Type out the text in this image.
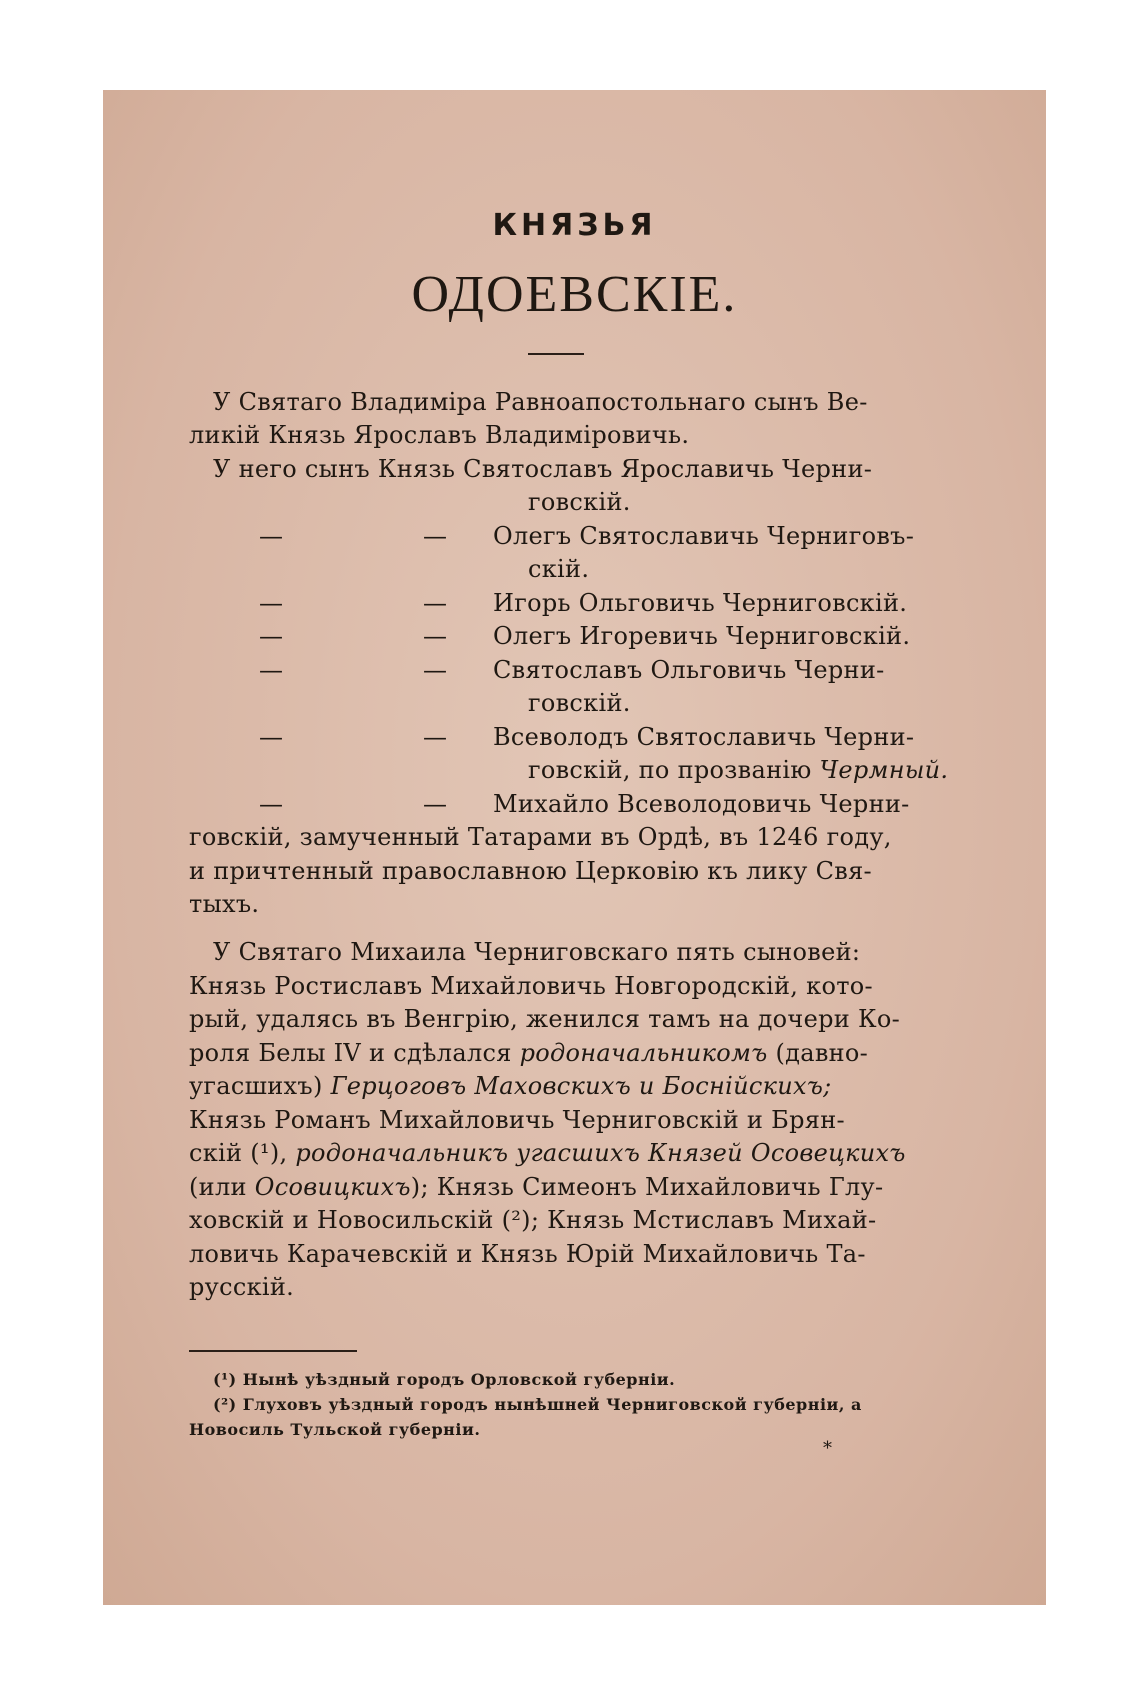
КНЯЗЬЯ
ОДОЕВСКІЕ.
У Святаго Владиміра Равноапостольнаго сынъ Ве-
ликій Князь Ярославъ Владиміровичь.
У него сынъ Князь Святославъ Ярославичь Черни-
говскій.
—	— Олегъ Святославичь Черниговъ-
скій.
—	— Игорь Ольговичь Черниговскій.
—	— Олегъ Игоревичь Черниговскій.
—	— Святославъ Ольговичь Черни-
говскій.
—	— Всеволодъ Святославичь Черни-
говскій, по прозванію Чермный.
—	— Михайло Всеволодовичь Черни-
говскій, замученный Татарами въ Ордѣ, въ 1246 году,
и причтенный православною Церковію къ лику Свя-
тыхъ.
У Святаго Михаила Черниговскаго пять сыновей:
Князь Ростиславъ Михайловичь Новгородскій, кото-
рый, удалясь въ Венгрію, женился тамъ на дочери Ко-
роля Белы IV и сдѣлался родоначальникомъ (давно-
угасшихъ) Герцоговъ Маховскихъ и Боснійскихъ;
Князь Романъ Михайловичь Черниговскій и Брян-
скій (¹), родоначальникъ угасшихъ Князей Осовецкихъ
(или Осовицкихъ); Князь Симеонъ Михайловичь Глу-
ховскій и Новосильскій (²); Князь Мстиславъ Михай-
ловичь Карачевскій и Князь Юрій Михайловичь Та-
русскій.
(¹) Нынѣ уѣздный городъ Орловской губерніи.
(²) Глуховъ уѣздный городъ нынѣшней Черниговской губерніи, а
Новосиль Тульской губерніи.
*
